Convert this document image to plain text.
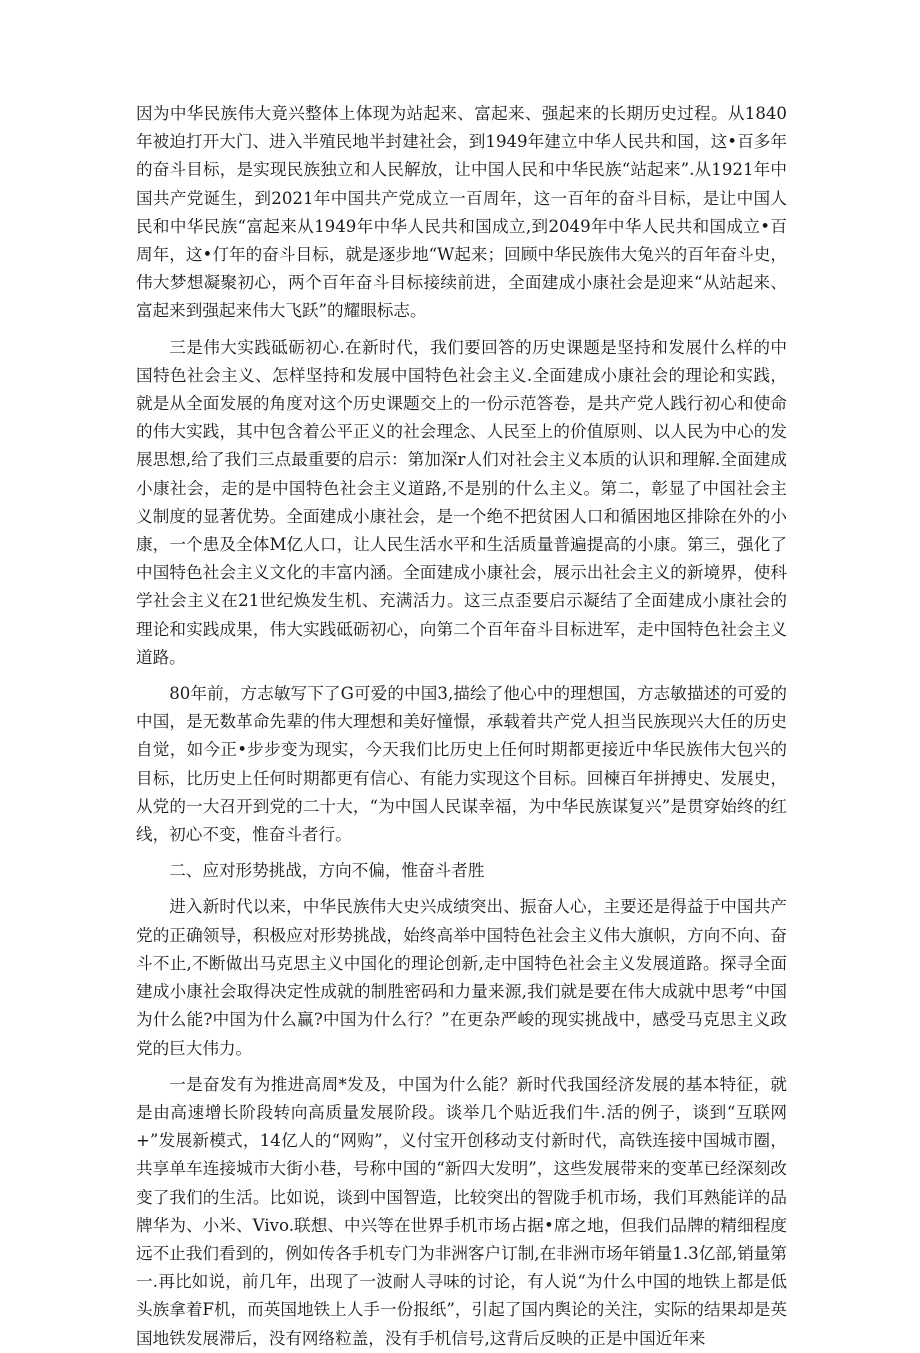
因为中华民族伟大竟兴整体上体现为站起来、富起来、强起来的长期历史过程。从1840年被迫打开大门、进入半殖民地半封建社会，到1949年建立中华人民共和国，这•百多年的奋斗目标，是实现民族独立和人民解放，让中国人民和中华民族“站起来”.从1921年中国共产党诞生，到2021年中国共产党成立一百周年，这一百年的奋斗目标，是让中国人民和中华民族“富起来从1949年中华人民共和国成立,到2049年中华人民共和国成立•百周年，这•仃年的奋斗目标，就是逐步地“W起来；回顾中华民族伟大兔兴的百年奋斗史，伟大梦想凝聚初心，两个百年奋斗目标接续前进，全面建成小康社会是迎来“从站起来、富起来到强起来伟大飞跃”的耀眼标志。

三是伟大实践砥砺初心.在新时代，我们要回答的历史课题是坚持和发展什么样的中国特色社会主义、怎样坚持和发展中国特色社会主义.全面建成小康社会的理论和实践，就是从全面发展的角度对这个历史课题交上的一份示范答卷，是共产党人践行初心和使命的伟大实践，其中包含着公平正义的社会理念、人民至上的价值原则、以人民为中心的发展思想,给了我们三点最重要的启示：第加深r人们对社会主义本质的认识和理解.全面建成小康社会，走的是中国特色社会主义道路,不是别的什么主义。第二，彰显了中国社会主义制度的显著优势。全面建成小康社会，是一个绝不把贫困人口和循困地区排除在外的小康，一个患及全体M亿人口，让人民生活水平和生活质量普遍提高的小康。第三，强化了中国特色社会主义文化的丰富内涵。全面建成小康社会，展示出社会主义的新境界，使科学社会主义在21世纪焕发生机、充满活力。这三点歪要启示凝结了全面建成小康社会的理论和实践成果，伟大实践砥砺初心，向第二个百年奋斗目标进军，走中国特色社会主义道路。

80年前，方志敏写下了G可爱的中国3,描绘了他心中的理想国，方志敏描述的可爱的中国，是无数革命先辈的伟大理想和美好憧憬，承载着共产党人担当民族现兴大任的历史自觉，如今正•步步变为现实，今天我们比历史上任何时期都更接近中华民族伟大包兴的目标，比历史上任何时期都更有信心、有能力实现这个目标。回楝百年拼搏史、发展史，从党的一大召开到党的二十大，“为中国人民谋幸福，为中华民族谋复兴”是贯穿始终的红线，初心不变，惟奋斗者行。

二、应对形势挑战，方向不偏，惟奋斗者胜

进入新时代以来，中华民族伟大史兴成绩突出、振奋人心，主要还是得益于中国共产党的正确领导，积极应对形势挑战，始终高举中国特色社会主义伟大旗帜，方向不向、奋斗不止,不断做出马克思主义中国化的理论创新,走中国特色社会主义发展道路。探寻全面建成小康社会取得决定性成就的制胜密码和力量来源,我们就是要在伟大成就中思考“中国为什么能?中国为什么赢?中国为什么行？”在更杂严峻的现实挑战中，感受马克思主义政党的巨大伟力。

一是奋发有为推进高周*发及，中国为什么能？新时代我国经济发展的基本特征，就是由高速增长阶段转向高质量发展阶段。谈举几个贴近我们牛.活的例子，谈到“互联网+”发展新模式，14亿人的“网购”，义付宝开创移动支付新时代，高铁连接中国城市圈，共享单车连接城市大街小巷，号称中国的“新四大发明”，这些发展带来的变革已经深刻改变了我们的生活。比如说，谈到中国智造，比较突出的智陇手机市场，我们耳熟能详的品牌华为、小米、Vivo.联想、中兴等在世界手机市场占据•席之地，但我们品牌的精细程度远不止我们看到的，例如传各手机专门为非洲客户订制,在非洲市场年销量1.3亿部,销量第一.再比如说，前几年，出现了一波耐人寻味的讨论，有人说“为什么中国的地铁上都是低头族拿着F机，而英国地铁上人手一份报纸”，引起了国内舆论的关注，实际的结果却是英国地铁发展滞后，没有网络粒盖，没有手机信号,这背后反映的正是中国近年来
